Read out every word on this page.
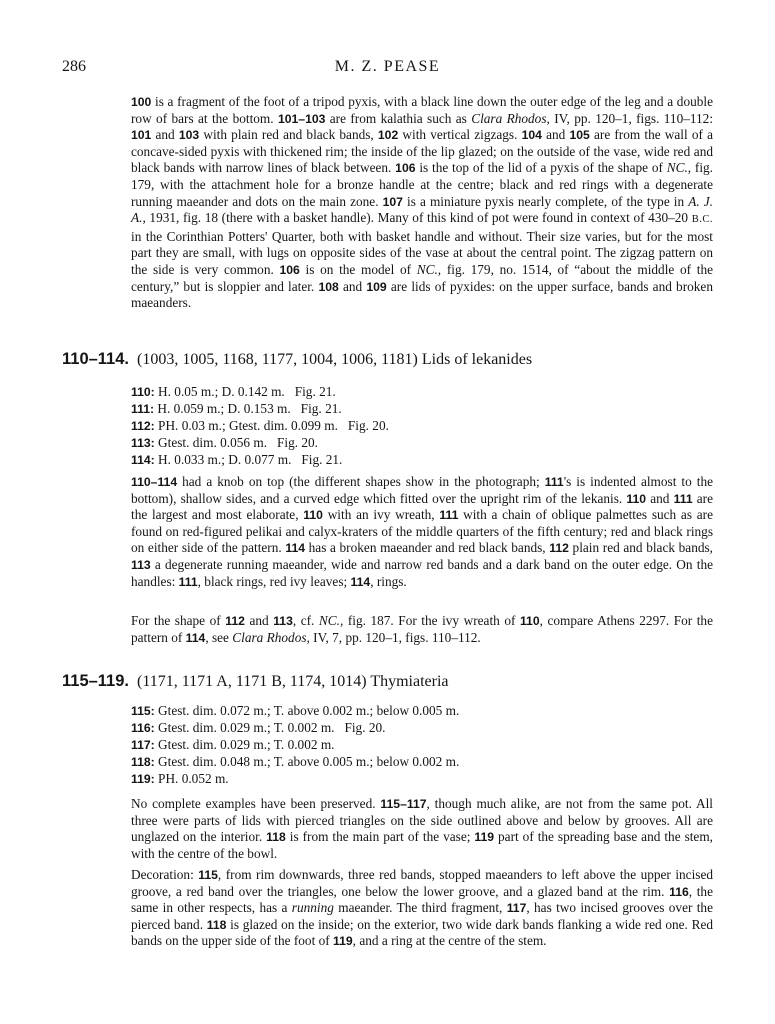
286	M. Z. PEASE

100 is a fragment of the foot of a tripod pyxis, with a black line down the outer edge of the leg and a double row of bars at the bottom. 101–103 are from kalathia such as Clara Rhodos, IV, pp. 120–1, figs. 110–112: 101 and 103 with plain red and black bands, 102 with vertical zigzags. 104 and 105 are from the wall of a concave-sided pyxis with thickened rim; the inside of the lip glazed; on the outside of the vase, wide red and black bands with narrow lines of black between. 106 is the top of the lid of a pyxis of the shape of NC., fig. 179, with the attachment hole for a bronze handle at the centre; black and red rings with a degenerate running maeander and dots on the main zone. 107 is a miniature pyxis nearly complete, of the type in A. J. A., 1931, fig. 18 (there with a basket handle). Many of this kind of pot were found in context of 430–20 B.C. in the Corinthian Potters' Quarter, both with basket handle and without. Their size varies, but for the most part they are small, with lugs on opposite sides of the vase at about the central point. The zigzag pattern on the side is very common. 106 is on the model of NC., fig. 179, no. 1514, of “about the middle of the century,” but is sloppier and later. 108 and 109 are lids of pyxides: on the upper surface, bands and broken maeanders.

110–114. (1003, 1005, 1168, 1177, 1004, 1006, 1181) Lids of lekanides
110: H. 0.05 m.; D. 0.142 m.   Fig. 21.
111: H. 0.059 m.; D. 0.153 m.   Fig. 21.
112: PH. 0.03 m.; Gtest. dim. 0.099 m.   Fig. 20.
113: Gtest. dim. 0.056 m.   Fig. 20.
114: H. 0.033 m.; D. 0.077 m.   Fig. 21.

110–114 had a knob on top (the different shapes show in the photograph; 111's is indented almost to the bottom), shallow sides, and a curved edge which fitted over the upright rim of the lekanis. 110 and 111 are the largest and most elaborate, 110 with an ivy wreath, 111 with a chain of oblique palmettes such as are found on red-figured pelikai and calyx-kraters of the middle quarters of the fifth century; red and black rings on either side of the pattern. 114 has a broken maeander and red black bands, 112 plain red and black bands, 113 a degenerate running maeander, wide and narrow red bands and a dark band on the outer edge. On the handles: 111, black rings, red ivy leaves; 114, rings.

For the shape of 112 and 113, cf. NC., fig. 187. For the ivy wreath of 110, compare Athens 2297. For the pattern of 114, see Clara Rhodos, IV, 7, pp. 120–1, figs. 110–112.

115–119. (1171, 1171 A, 1171 B, 1174, 1014) Thymiateria
115: Gtest. dim. 0.072 m.; T. above 0.002 m.; below 0.005 m.
116: Gtest. dim. 0.029 m.; T. 0.002 m.   Fig. 20.
117: Gtest. dim. 0.029 m.; T. 0.002 m.
118: Gtest. dim. 0.048 m.; T. above 0.005 m.; below 0.002 m.
119: PH. 0.052 m.

No complete examples have been preserved. 115–117, though much alike, are not from the same pot. All three were parts of lids with pierced triangles on the side outlined above and below by grooves. All are unglazed on the interior. 118 is from the main part of the vase; 119 part of the spreading base and the stem, with the centre of the bowl.

Decoration: 115, from rim downwards, three red bands, stopped maeanders to left above the upper incised groove, a red band over the triangles, one below the lower groove, and a glazed band at the rim. 116, the same in other respects, has a running maeander. The third fragment, 117, has two incised grooves over the pierced band. 118 is glazed on the inside; on the exterior, two wide dark bands flanking a wide red one. Red bands on the upper side of the foot of 119, and a ring at the centre of the stem.
